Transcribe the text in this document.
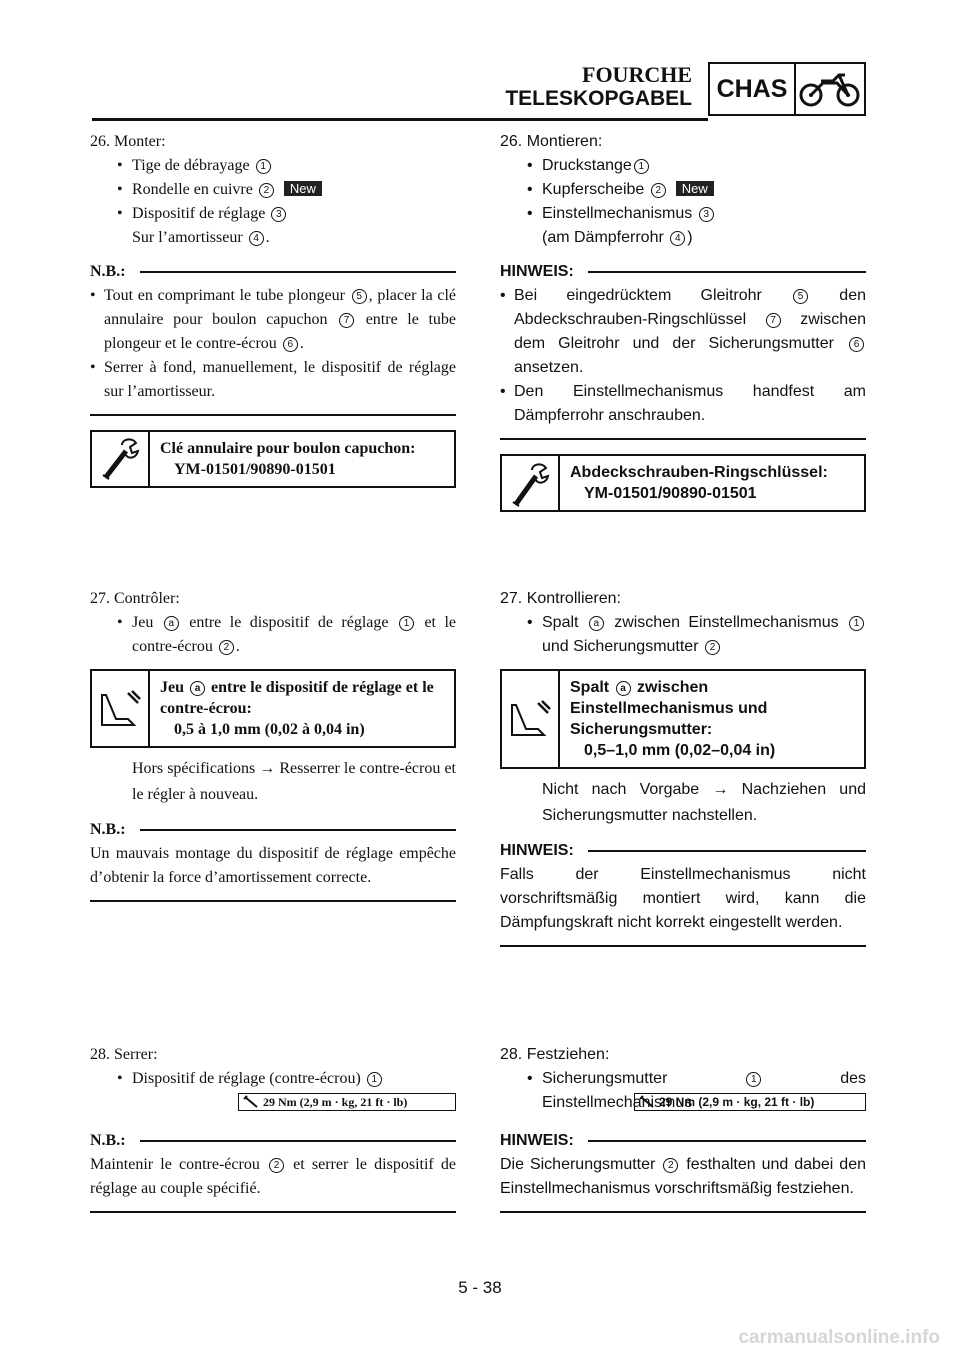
FOURCHE
TELESKOPGABEL CHAS
26. Monter:
• Tige de débrayage 1
• Rondelle en cuivre 2 New
• Dispositif de réglage 3
Sur l’amortisseur 4 .
N.B.:
• Tout en comprimant le tube plongeur 5 , placer la clé annulaire pour boulon capuchon 7 entre le tube plongeur et le contre-écrou 6 .
• Serrer à fond, manuellement, le dispositif de réglage sur l’amortisseur.
Clé annulaire pour boulon capuchon:
YM-01501/90890-01501
27. Contrôler:
• Jeu a entre le dispositif de réglage 1 et le contre-écrou 2 .
Jeu a entre le dispositif de réglage et le contre-écrou:
0,5 à 1,0 mm (0,02 à 0,04 in)
Hors spécifications → Resserrer le contre-écrou et le régler à nouveau.
N.B.:
Un mauvais montage du dispositif de réglage empêche d’obtenir la force d’amortissement correcte.
28. Serrer:
• Dispositif de réglage (contre-écrou) 1
29 Nm (2,9 m · kg, 21 ft · lb)
N.B.:
Maintenir le contre-écrou 2 et serrer le dispositif de réglage au couple spécifié.
26. Montieren:
• Druckstange 1
• Kupferscheibe 2 New
• Einstellmechanismus 3
(am Dämpferrohr 4 )
HINWEIS:
• Bei eingedrücktem Gleitrohr	5 den Abdeckschrauben-Ringschlüssel 7 zwischen dem Gleitrohr und der Sicherungsmutter 6 ansetzen.
• Den Einstellmechanismus handfest am Dämpferrohr anschrauben.
Abdeckschrauben-Ringschlüssel:
YM-01501/90890-01501
27. Kontrollieren:
• Spalt a zwischen Einstellmechanismus 1 und Sicherungsmutter 2
Spalt a zwischen Einstellmechanismus und Sicherungsmutter:
0,5–1,0 mm (0,02–0,04 in)
Nicht nach Vorgabe → Nachziehen und Sicherungsmutter nachstellen.
HINWEIS:
Falls der Einstellmechanismus nicht vorschriftsmäßig montiert wird, kann die Dämpfungskraft nicht korrekt eingestellt werden.
28. Festziehen:
• Sicherungsmutter	1	des Einstellmechanismus
29 Nm (2,9 m · kg, 21 ft · lb)
HINWEIS:
Die Sicherungsmutter 2 festhalten und dabei den Einstellmechanismus vorschriftsmäßig festziehen.
5 - 38
carmanualsonline.info
